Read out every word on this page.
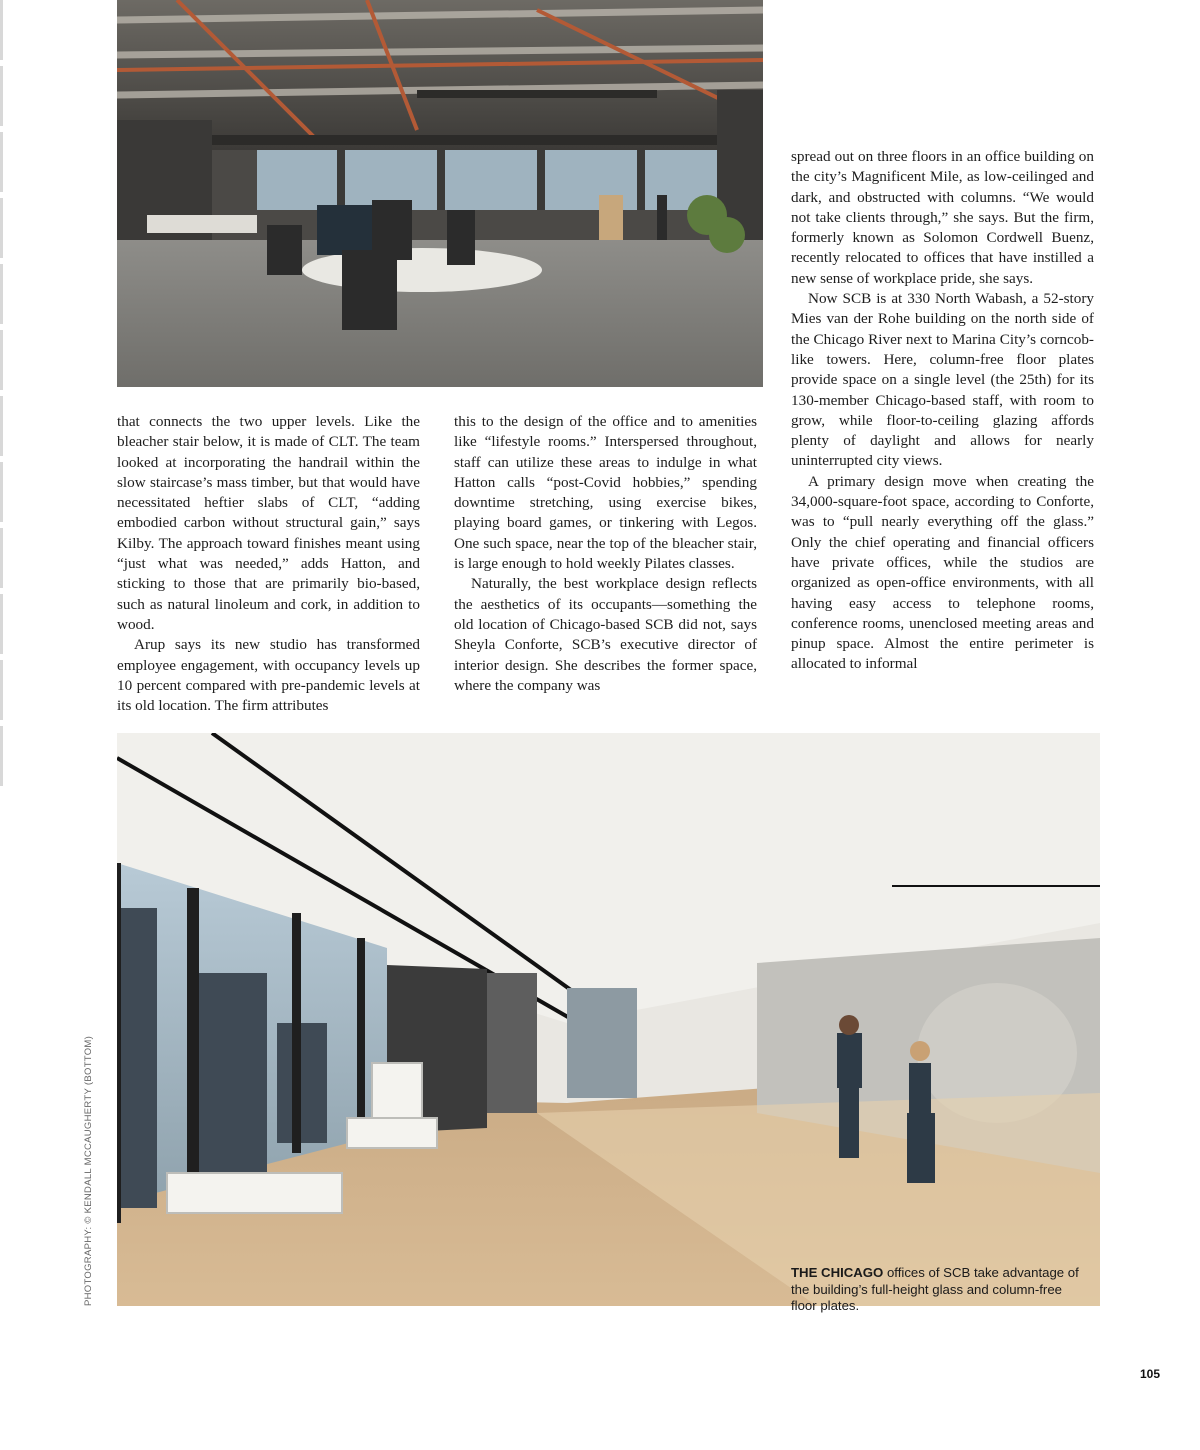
that connects the two upper levels. Like the bleacher stair below, it is made of CLT. The team looked at incorporating the handrail within the slow staircase’s mass timber, but that would have necessitated heftier slabs of CLT, “adding embodied carbon without structural gain,” says Kilby. The approach toward finishes meant using “just what was needed,” adds Hatton, and sticking to those that are primarily bio-based, such as natural linoleum and cork, in addition to wood.

Arup says its new studio has transformed employee engagement, with occupancy levels up 10 percent compared with pre-pandemic levels at its old location. The firm attributes

this to the design of the office and to amenities like “lifestyle rooms.” Interspersed throughout, staff can utilize these areas to indulge in what Hatton calls “post-Covid hobbies,” spending downtime stretching, using exercise bikes, playing board games, or tinkering with Legos. One such space, near the top of the bleacher stair, is large enough to hold weekly Pilates classes.

Naturally, the best workplace design reflects the aesthetics of its occupants—something the old location of Chicago-based SCB did not, says Sheyla Conforte, SCB’s executive director of interior design. She describes the former space, where the company was

spread out on three floors in an office building on the city’s Magnificent Mile, as low-ceilinged and dark, and obstructed with columns. “We would not take clients through,” she says. But the firm, formerly known as Solomon Cordwell Buenz, recently relocated to offices that have instilled a new sense of workplace pride, she says.

Now SCB is at 330 North Wabash, a 52-story Mies van der Rohe building on the north side of the Chicago River next to Marina City’s corncob-like towers. Here, column-free floor plates provide space on a single level (the 25th) for its 130-member Chicago-based staff, with room to grow, while floor-to-ceiling glazing affords plenty of daylight and allows for nearly uninterrupted city views.

A primary design move when creating the 34,000-square-foot space, according to Conforte, was to “pull nearly everything off the glass.” Only the chief operating and financial officers have private offices, while the studios are organized as open-office environments, with all having easy access to telephone rooms, conference rooms, unenclosed meeting areas and pinup space. Almost the entire perimeter is allocated to informal

THE CHICAGO offices of SCB take advantage of the building’s full-height glass and column-free floor plates.
PHOTOGRAPHY: © KENDALL MCCAUGHERTY (BOTTOM)
105
